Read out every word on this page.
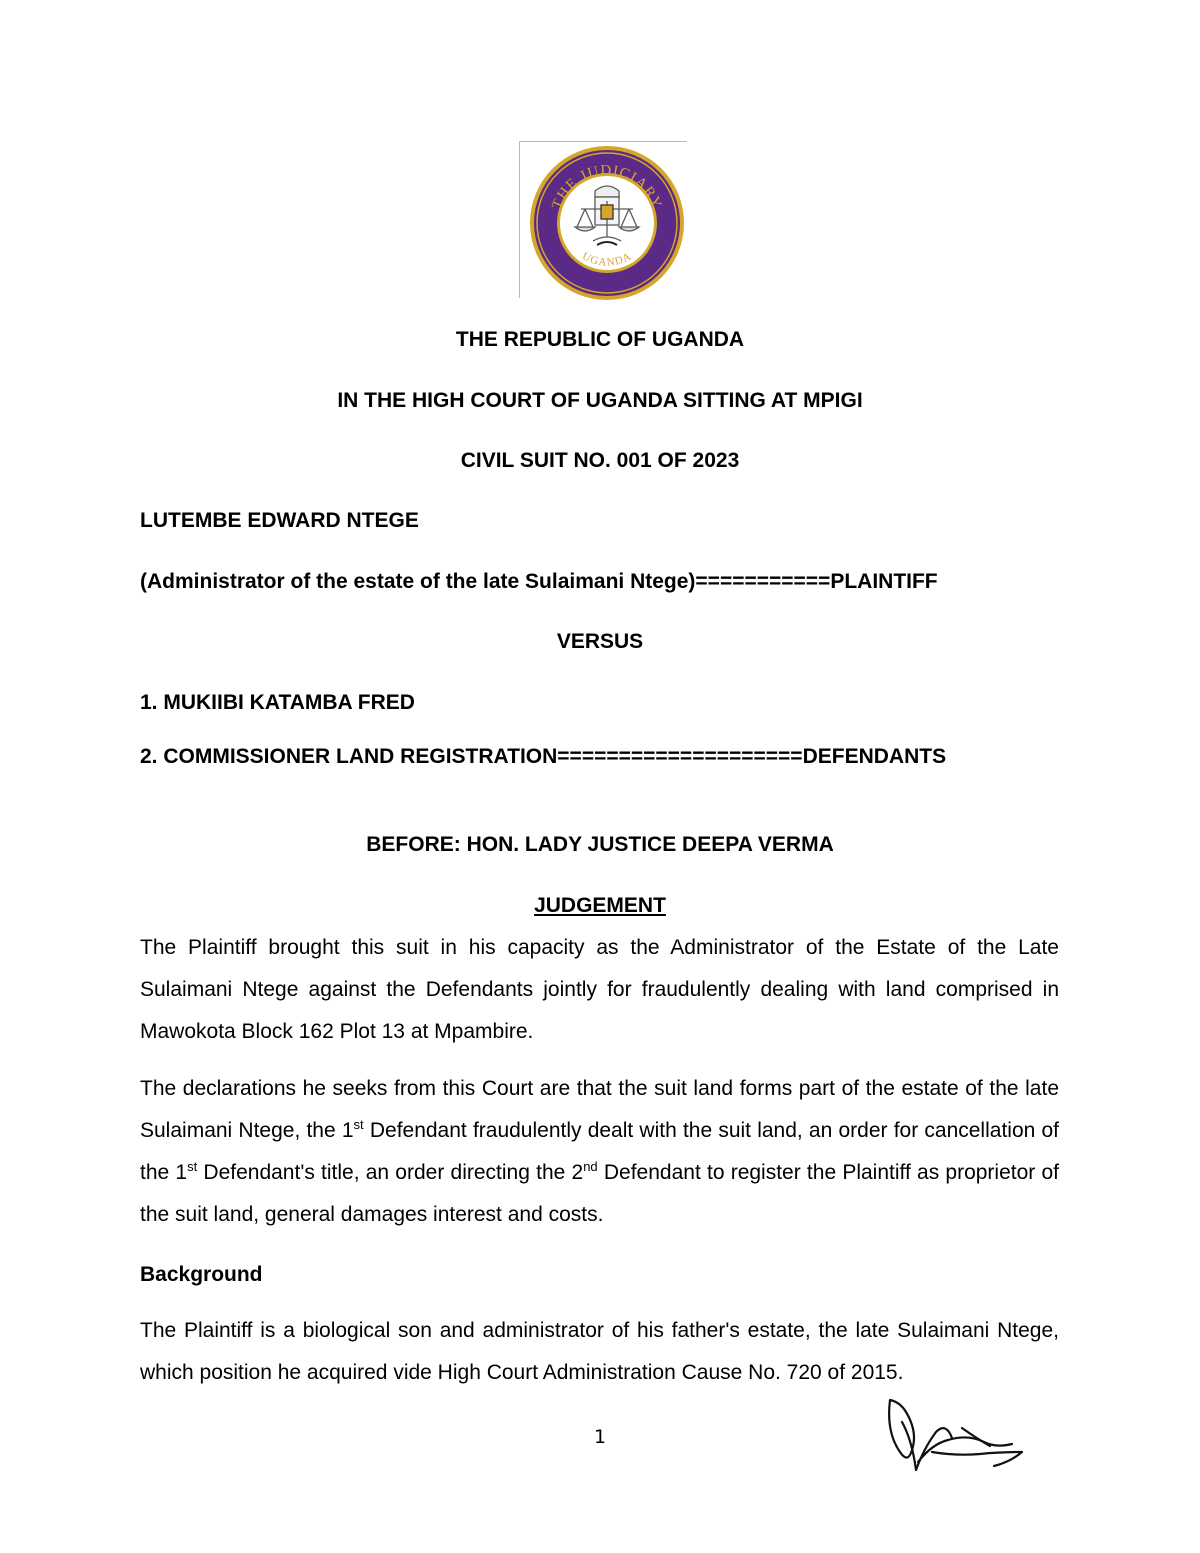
THE JUDICIARY
UGANDA
THE REPUBLIC OF UGANDA
IN THE HIGH COURT OF UGANDA SITTING AT MPIGI
CIVIL SUIT NO. 001 OF 2023
LUTEMBE EDWARD NTEGE
(Administrator of the estate of the late Sulaimani Ntege)===========PLAINTIFF
VERSUS
1. MUKIIBI KATAMBA FRED
2. COMMISSIONER LAND REGISTRATION====================DEFENDANTS
BEFORE: HON. LADY JUSTICE DEEPA VERMA
JUDGEMENT
The Plaintiff brought this suit in his capacity as the Administrator of the Estate of the Late Sulaimani Ntege against the Defendants jointly for fraudulently dealing with land comprised in Mawokota Block 162 Plot 13 at Mpambire.
The declarations he seeks from this Court are that the suit land forms part of the estate of the late Sulaimani Ntege, the 1st Defendant fraudulently dealt with the suit land, an order for cancellation of the 1st Defendant's title, an order directing the 2nd Defendant to register the Plaintiff as proprietor of the suit land, general damages interest and costs.
Background
The Plaintiff is a biological son and administrator of his father's estate, the late Sulaimani Ntege, which position he acquired vide High Court Administration Cause No. 720 of 2015.
1
